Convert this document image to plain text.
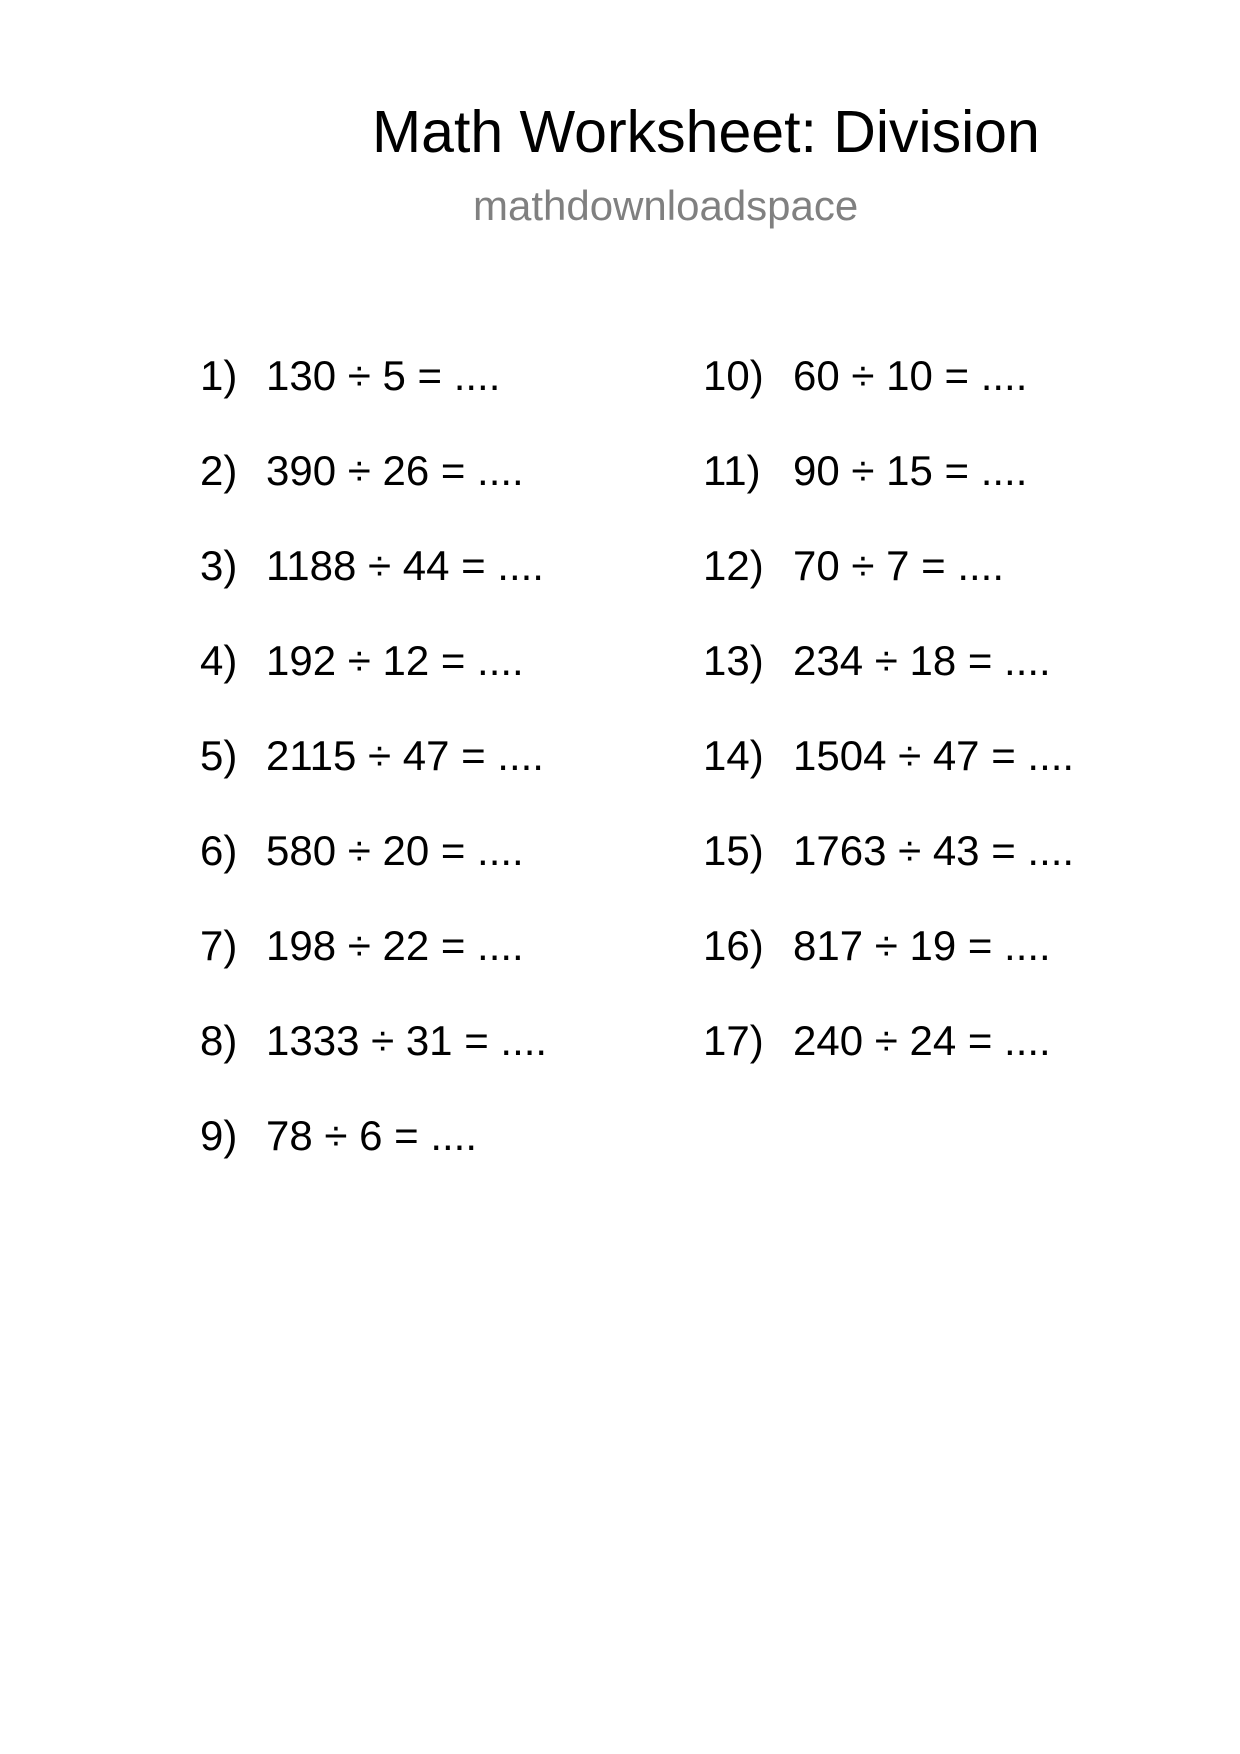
Math Worksheet: Division
mathdownloadspace
1) 130 ÷ 5 = ....
2) 390 ÷ 26 = ....
3) 1188 ÷ 44 = ....
4) 192 ÷ 12 = ....
5) 2115 ÷ 47 = ....
6) 580 ÷ 20 = ....
7) 198 ÷ 22 = ....
8) 1333 ÷ 31 = ....
9) 78 ÷ 6 = ....
10) 60 ÷ 10 = ....
11) 90 ÷ 15 = ....
12) 70 ÷ 7 = ....
13) 234 ÷ 18 = ....
14) 1504 ÷ 47 = ....
15) 1763 ÷ 43 = ....
16) 817 ÷ 19 = ....
17) 240 ÷ 24 = ....
